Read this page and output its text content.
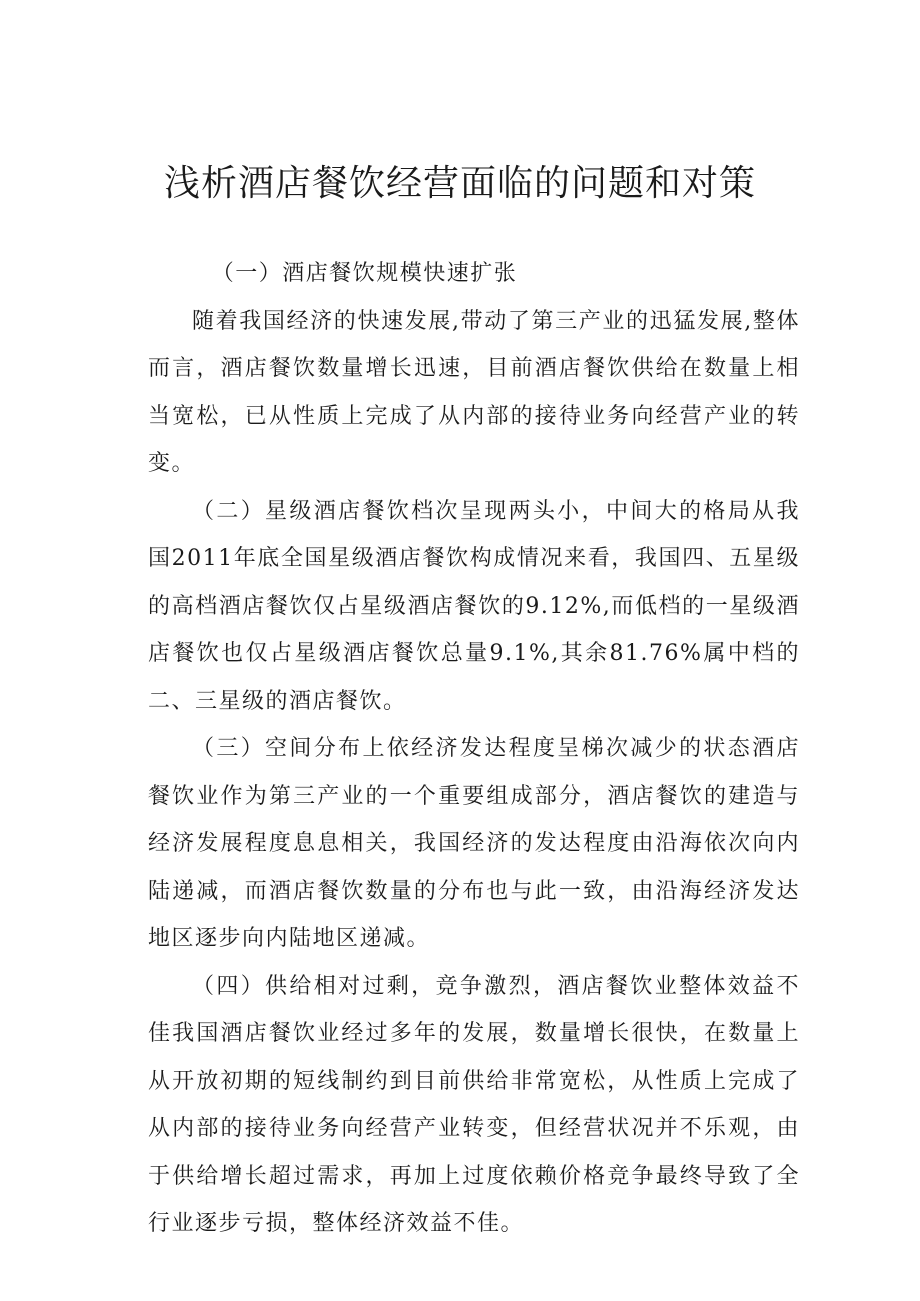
浅析酒店餐饮经营面临的问题和对策

（一）酒店餐饮规模快速扩张

随着我国经济的快速发展,带动了第三产业的迅猛发展,整体而言，酒店餐饮数量增长迅速，目前酒店餐饮供给在数量上相当宽松，已从性质上完成了从内部的接待业务向经营产业的转变。

（二）星级酒店餐饮档次呈现两头小，中间大的格局从我国2011年底全国星级酒店餐饮构成情况来看，我国四、五星级的高档酒店餐饮仅占星级酒店餐饮的9.12%,而低档的一星级酒店餐饮也仅占星级酒店餐饮总量9.1%,其余81.76%属中档的二、三星级的酒店餐饮。

（三）空间分布上依经济发达程度呈梯次减少的状态酒店餐饮业作为第三产业的一个重要组成部分，酒店餐饮的建造与经济发展程度息息相关，我国经济的发达程度由沿海依次向内陆递减，而酒店餐饮数量的分布也与此一致，由沿海经济发达地区逐步向内陆地区递减。

（四）供给相对过剩，竞争激烈，酒店餐饮业整体效益不佳我国酒店餐饮业经过多年的发展，数量增长很快，在数量上从开放初期的短线制约到目前供给非常宽松，从性质上完成了从内部的接待业务向经营产业转变，但经营状况并不乐观，由于供给增长超过需求，再加上过度依赖价格竞争最终导致了全行业逐步亏损，整体经济效益不佳。
